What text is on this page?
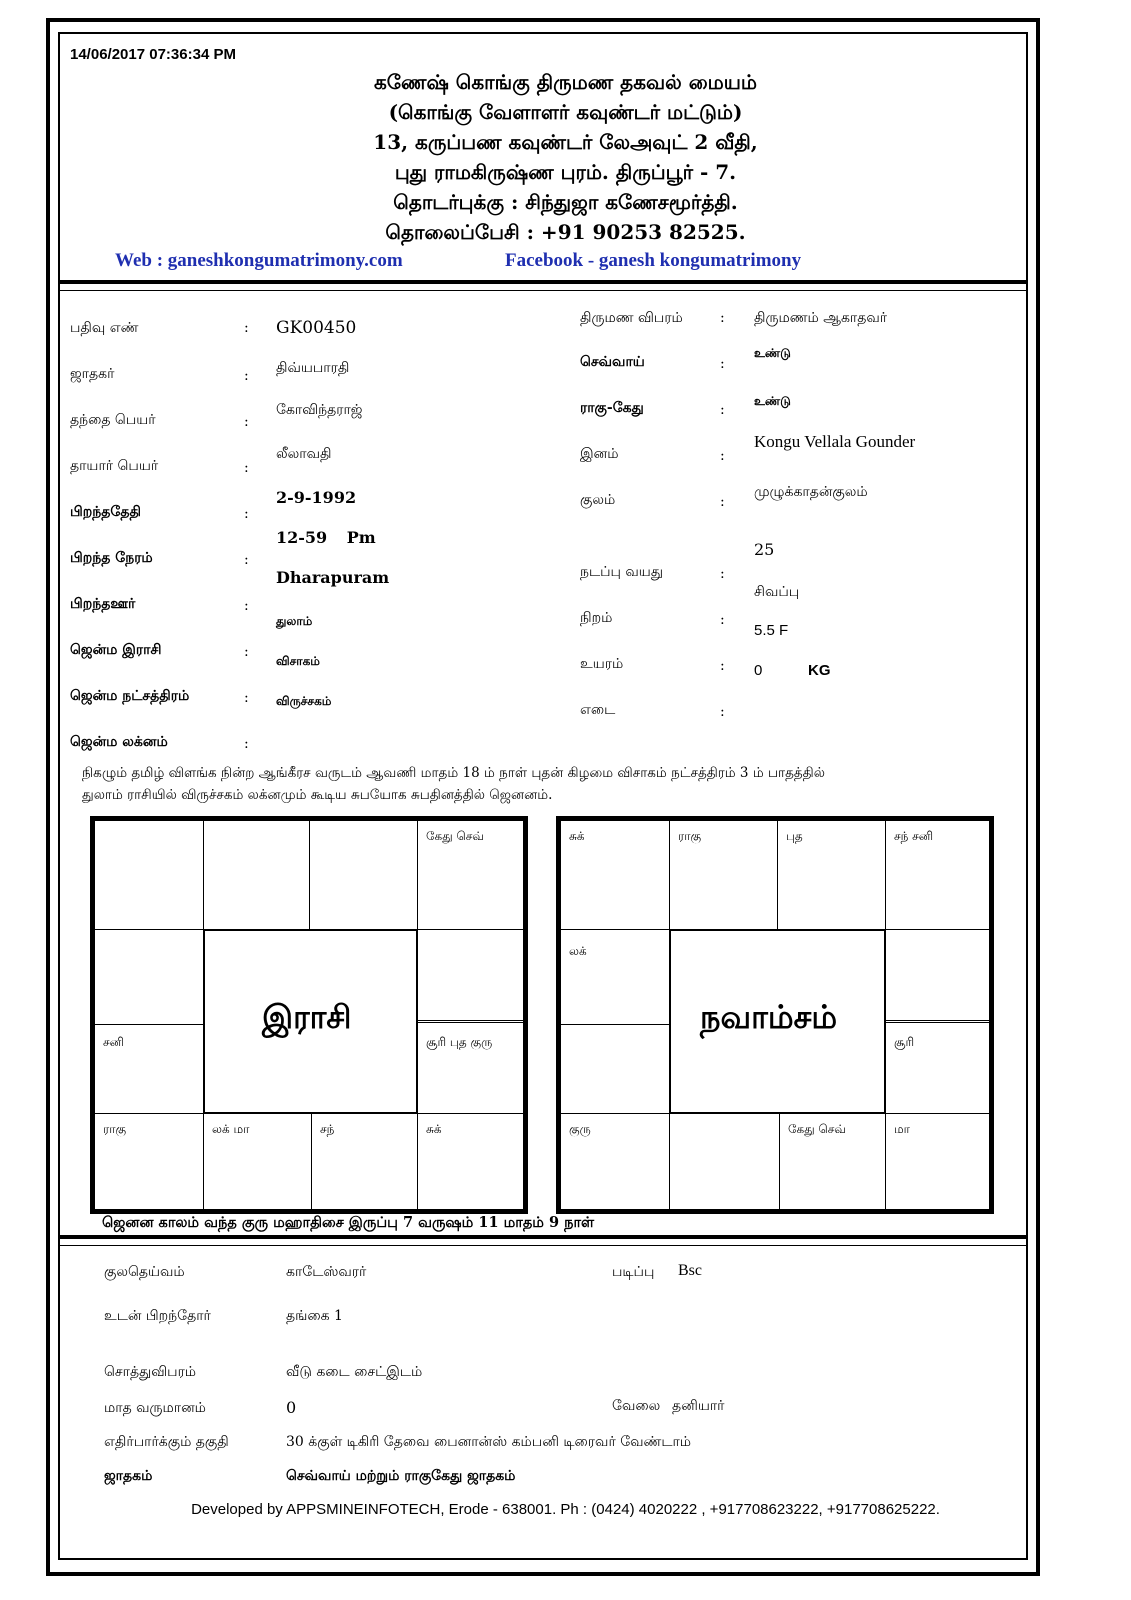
14/06/2017 07:36:34 PM
கணேஷ் கொங்கு திருமண தகவல் மையம்
(கொங்கு வேளாளர் கவுண்டர் மட்டும்)
13, கருப்பண கவுண்டர் லேஅவுட் 2 வீதி,
புது ராமகிருஷ்ண புரம். திருப்பூர் - 7.
தொடர்புக்கு : சிந்துஜா கணேசமூர்த்தி.
தொலைப்பேசி : +91 90253 82525.
Web : ganeshkongumatrimony.com	Facebook - ganesh kongumatrimony
பதிவு எண்	: GK00450
ஜாதகர்	: திவ்யபாரதி
தந்தை பெயர்	:
கோவிந்தராஜ்
தாயார் பெயர்	:
லீலாவதி
பிறந்ததேதி	:
2-9-1992
பிறந்த நேரம்	:
12-59 Pm
பிறந்தஊர்	:
Dharapuram
ஜென்ம இராசி	:
துலாம்
ஜென்ம நட்சத்திரம்	:
விசாகம்
ஜென்ம லக்னம்	:
விருச்சகம்
திருமண விபரம்	: திருமணம் ஆகாதவர்
செவ்வாய்	:
உண்டு
ராகு-கேது	:
உண்டு
இனம்	:
Kongu Vellala Gounder
குலம்	:
முழுக்காதன்குலம்
நடப்பு வயது	:
25
நிறம்	:
சிவப்பு
உயரம்	:
5.5 F
எடை	:
0	KG
நிகழும் தமிழ் விளங்க நின்ற ஆங்கீரச வருடம் ஆவணி மாதம் 18 ம் நாள் புதன் கிழமை விசாகம் நட்சத்திரம் 3 ம் பாதத்தில்
துலாம் ராசியில் விருச்சகம் லக்னமும் கூடிய சுபயோக சுபதினத்தில் ஜெனனம்.
கேது செவ்
சனி	சூரி புத குரு
இராசி
ராகு	லக் மா	சந்	சுக்
சுக்	ராகு	புத	சந் சனி
லக்
சூரி
நவாம்சம்
குரு	கேது செவ்	மா
ஜெனன காலம் வந்த குரு மஹாதிசை இருப்பு 7 வருஷம் 11 மாதம் 9 நாள்
குலதெய்வம்	காடேஸ்வரர்	படிப்பு Bsc
உடன் பிறந்தோர்	தங்கை 1
சொத்துவிபரம்	வீடு கடை சைட்இடம்
மாத வருமானம்	0	வேலை தனியார்
எதிர்பார்க்கும் தகுதி	30 க்குள் டிகிரி தேவை பைனான்ஸ் கம்பனி டிரைவர் வேண்டாம்
ஜாதகம்	செவ்வாய் மற்றும் ராகுகேது ஜாதகம்
Developed by APPSMINEINFOTECH, Erode - 638001. Ph : (0424) 4020222 , +917708623222, +917708625222.
